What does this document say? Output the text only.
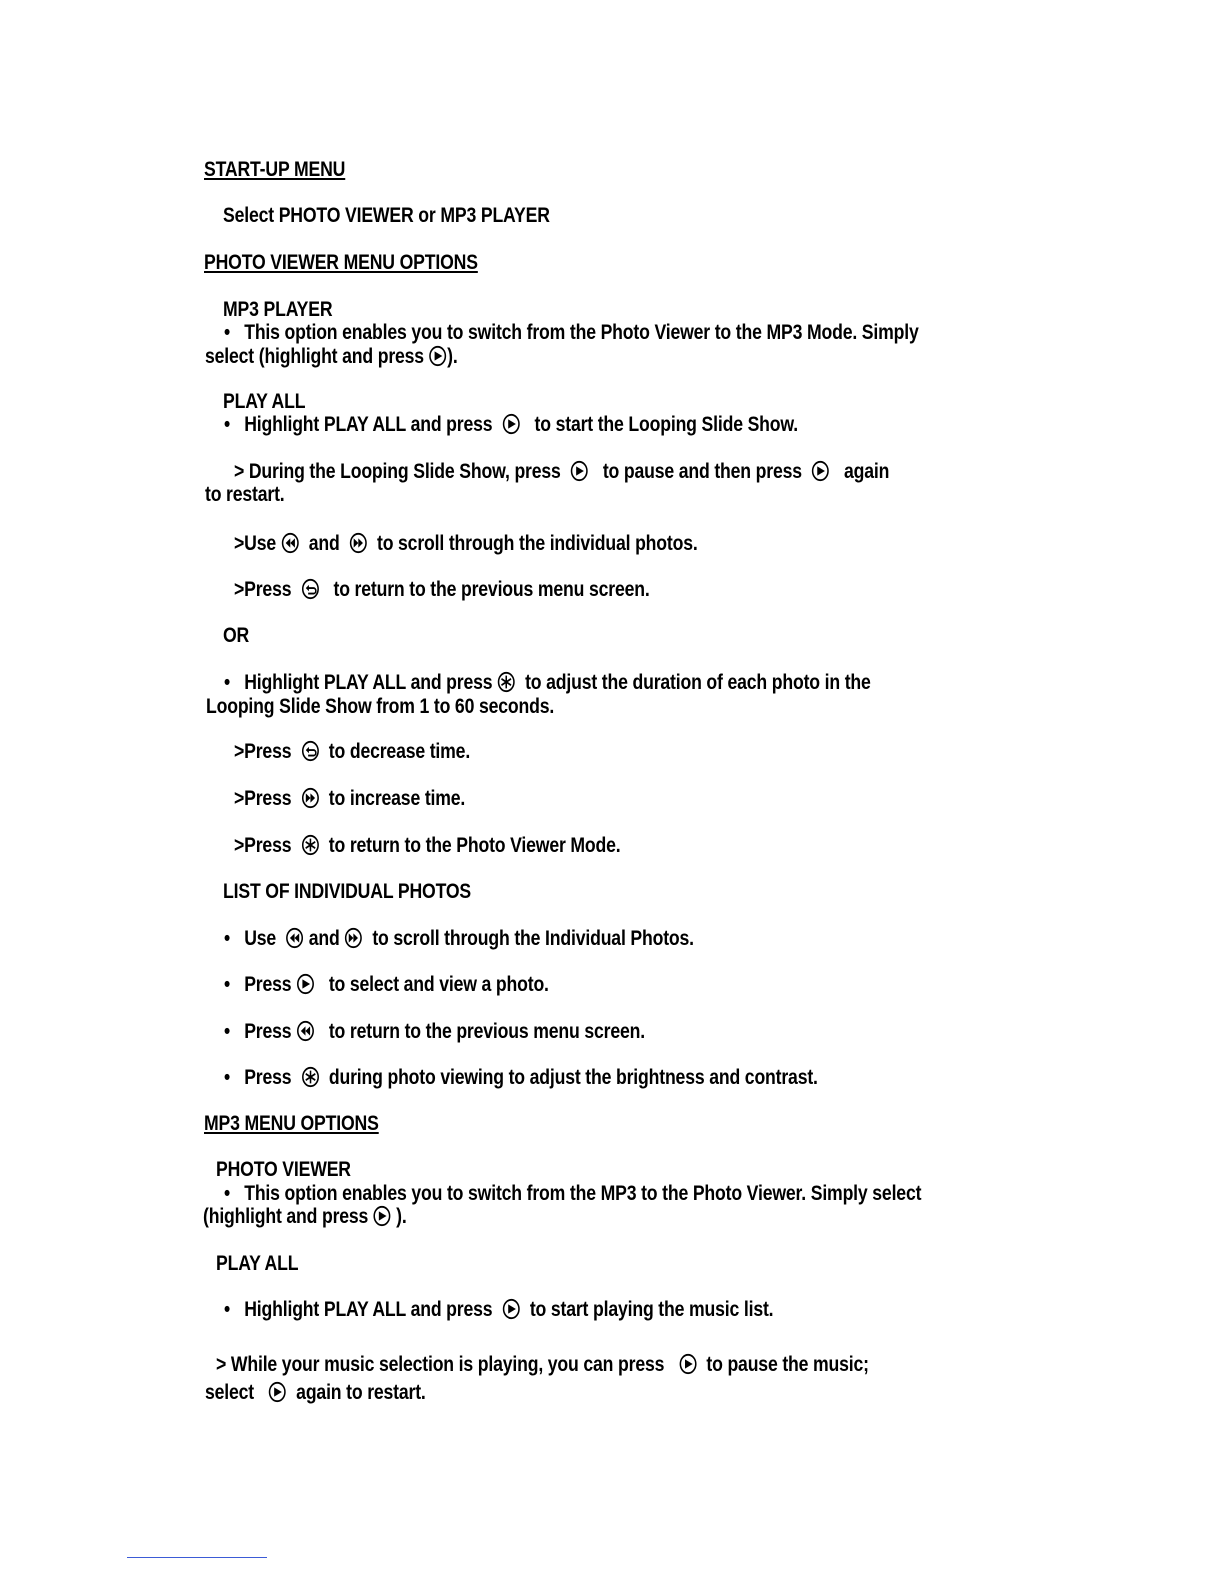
START-UP MENU
Select PHOTO VIEWER or MP3 PLAYER
PHOTO VIEWER MENU OPTIONS
MP3 PLAYER
• This option enables you to switch from the Photo Viewer to the MP3 Mode. Simply
select (highlight and press ).
PLAY ALL
• Highlight PLAY ALL and press to start the Looping Slide Show.
> During the Looping Slide Show, press to pause and then press again
to restart.
>Use and to scroll through the individual photos.
>Press to return to the previous menu screen.
OR
• Highlight PLAY ALL and press to adjust the duration of each photo in the
Looping Slide Show from 1 to 60 seconds.
>Press to decrease time.
>Press to increase time.
>Press to return to the Photo Viewer Mode.
LIST OF INDIVIDUAL PHOTOS
• Use and to scroll through the Individual Photos.
• Press to select and view a photo.
• Press to return to the previous menu screen.
• Press during photo viewing to adjust the brightness and contrast.
MP3 MENU OPTIONS
PHOTO VIEWER
• This option enables you to switch from the MP3 to the Photo Viewer. Simply select
(highlight and press ).
PLAY ALL
• Highlight PLAY ALL and press to start playing the music list.
> While your music selection is playing, you can press to pause the music;
select again to restart.
